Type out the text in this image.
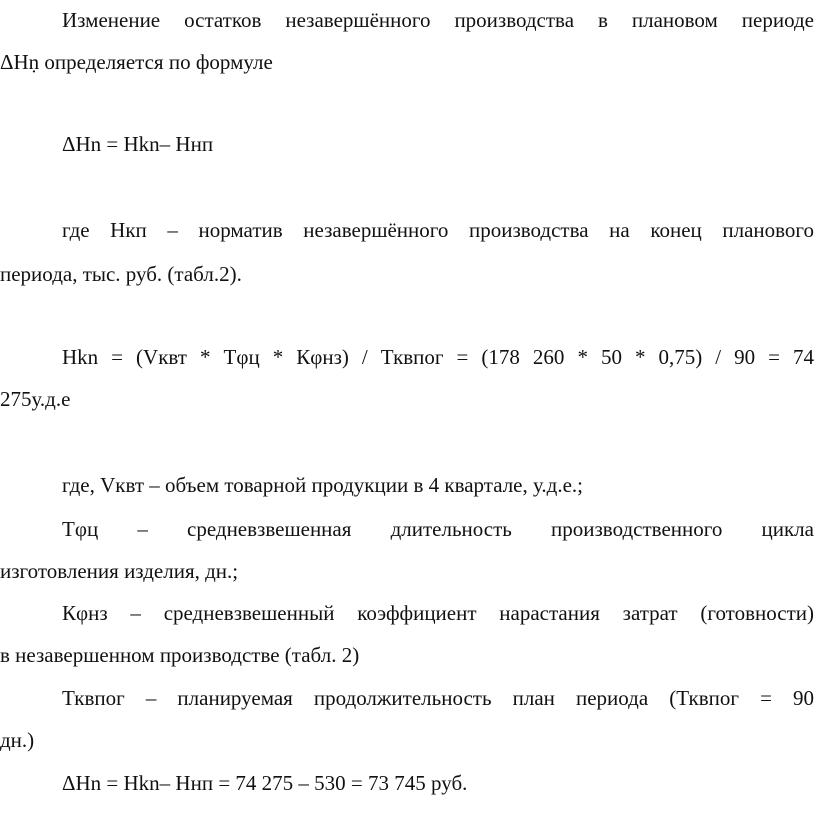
Изменение остатков незавершённого производства в плановом периоде
ΔНṇ определяется по формуле
ΔНn = Нkn– Ннп
где Нкп – норматив незавершённого производства на конец планового
периода, тыс. руб. (табл.2).
Нkn = (Vквт * Тφц * Кφнз) / Тквпог = (178 260 * 50 * 0,75) / 90 = 74
275у.д.е
где, Vквт – объем товарной продукции в 4 квартале, у.д.е.;
Тφц – средневзвешенная длительность производственного цикла
изготовления изделия, дн.;
Кφнз – средневзвешенный коэффициент нарастания затрат (готовности)
в незавершенном производстве (табл. 2)
Тквпог – планируемая продолжительность план периода (Тквпог = 90
дн.)
ΔНn = Нkn– Ннп = 74 275 – 530 = 73 745 руб.
